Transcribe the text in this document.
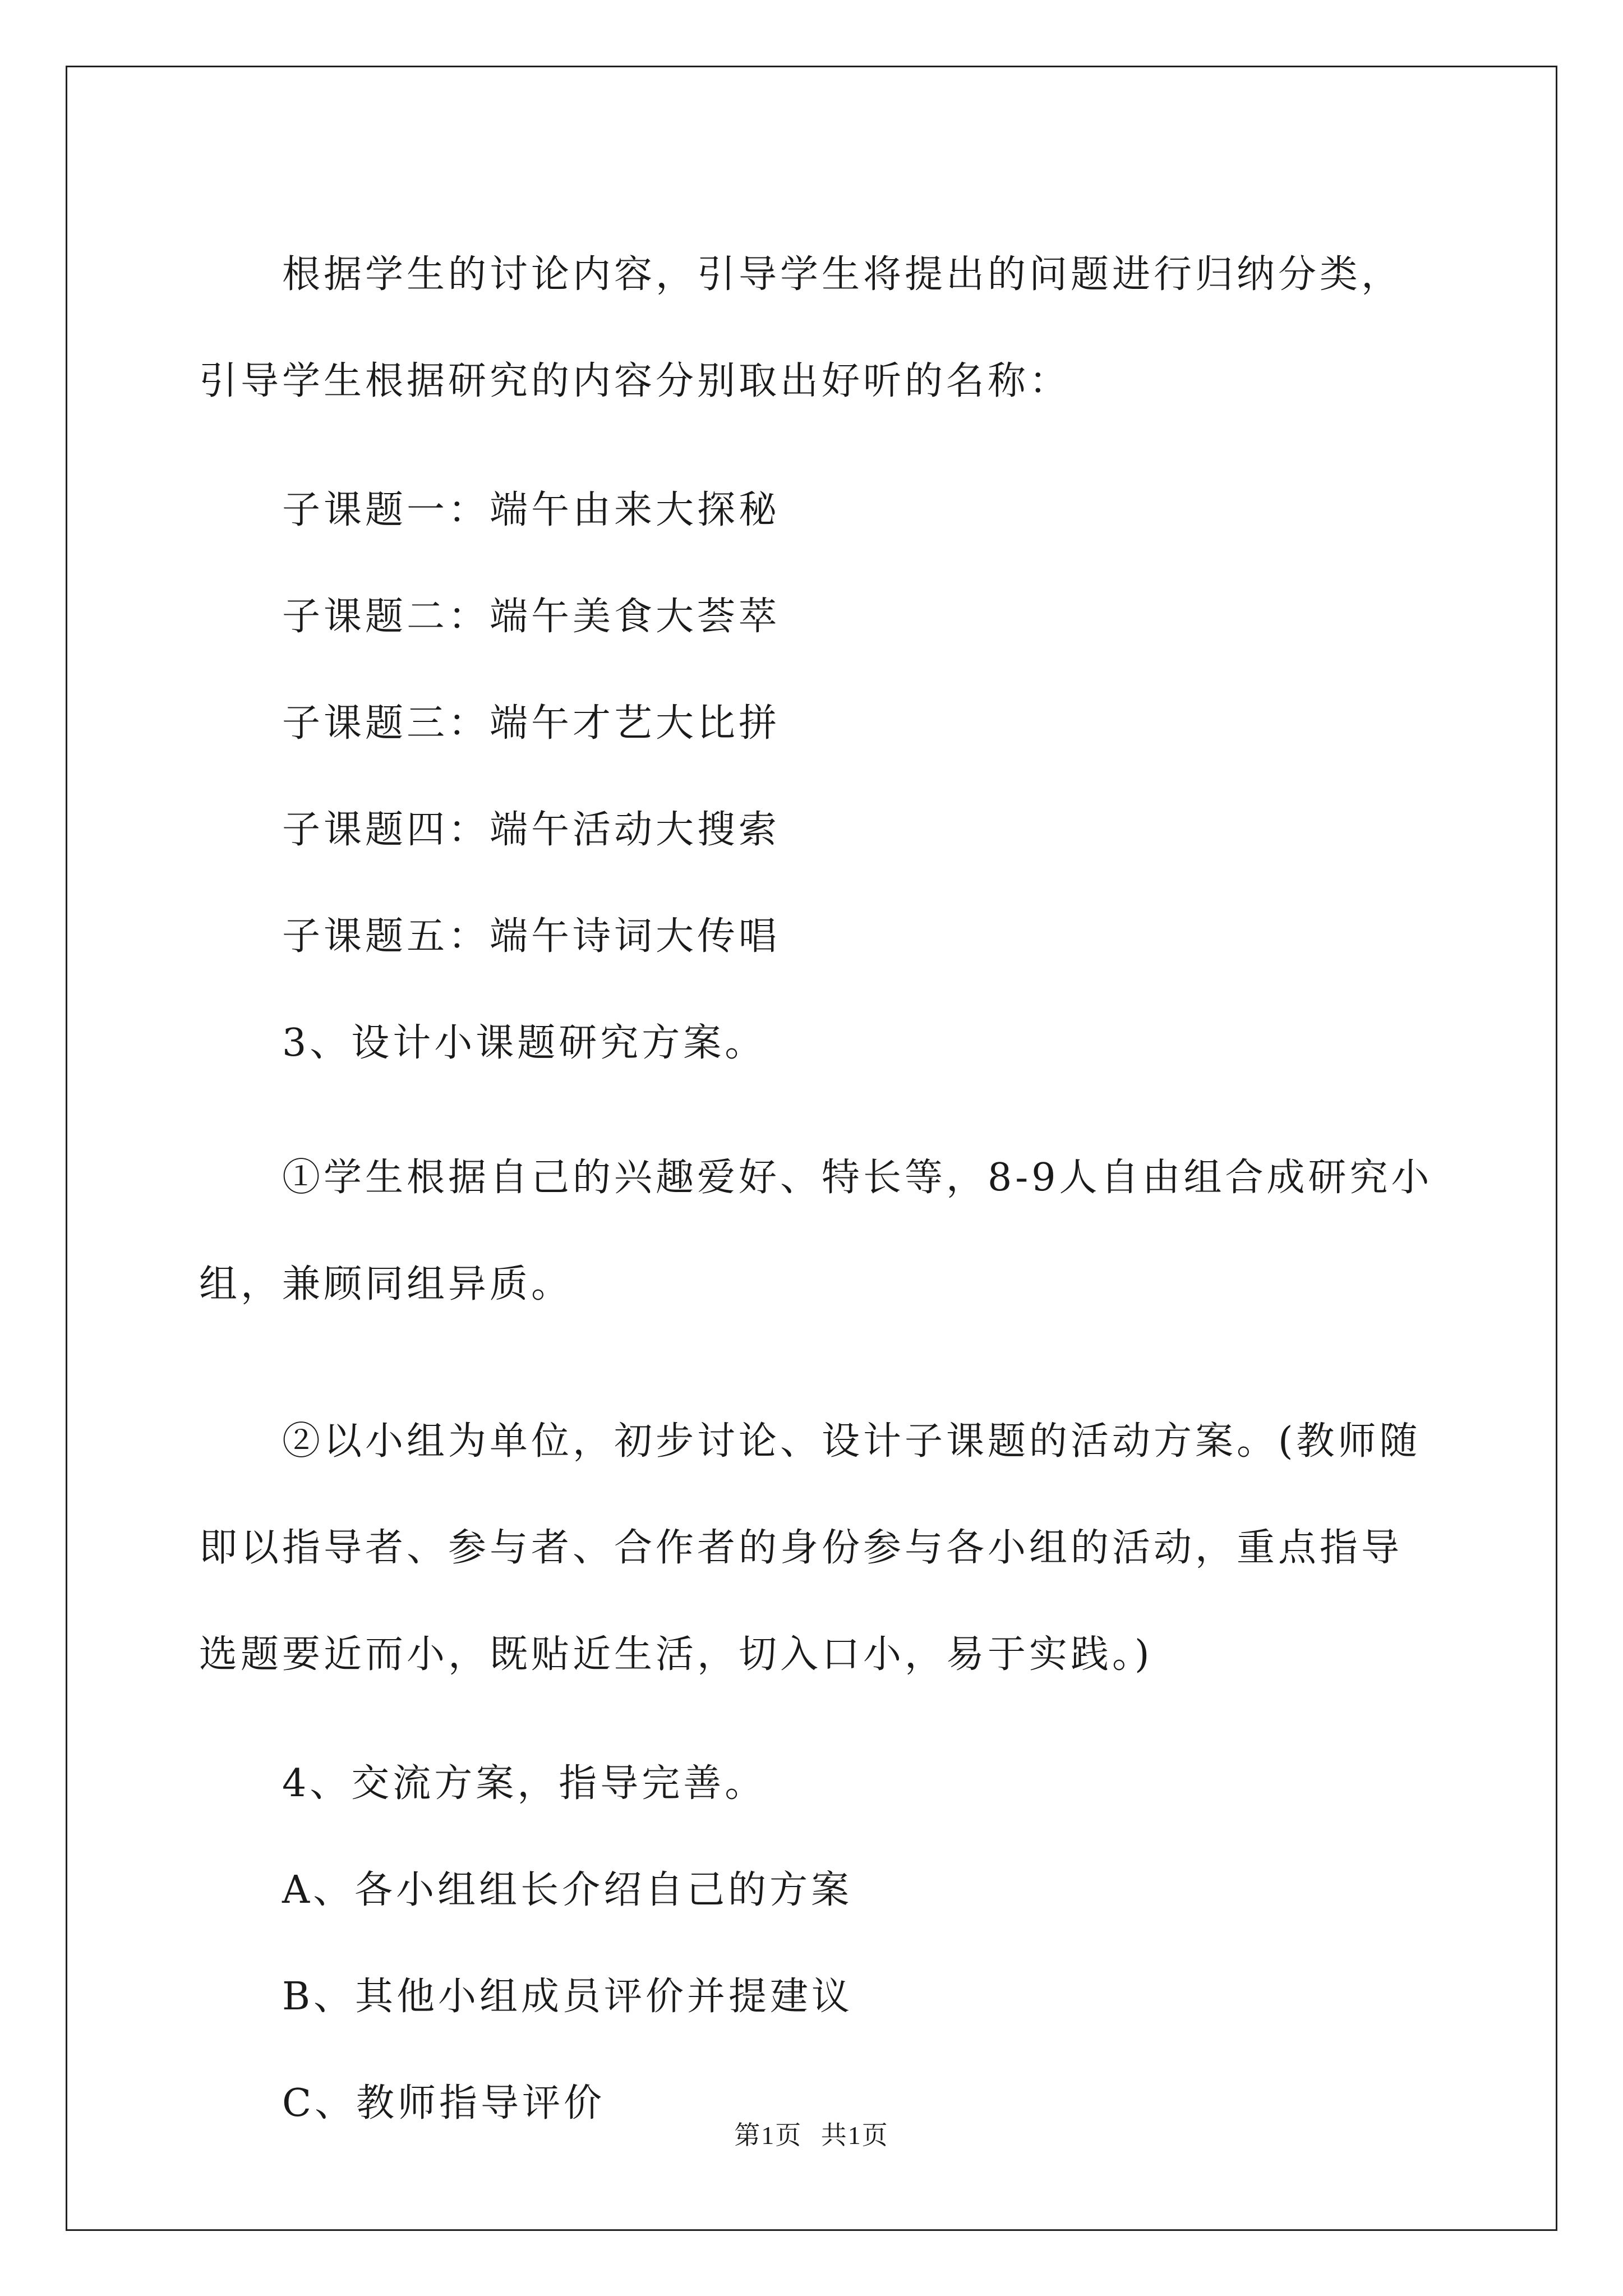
根据学生的讨论内容，引导学生将提出的问题进行归纳分类，引导学生根据研究的内容分别取出好听的名称：

子课题一：端午由来大探秘

子课题二：端午美食大荟萃

子课题三：端午才艺大比拼

子课题四：端午活动大搜索

子课题五：端午诗词大传唱

3、设计小课题研究方案。

①学生根据自己的兴趣爱好、特长等，8-9人自由组合成研究小组，兼顾同组异质。

②以小组为单位，初步讨论、设计子课题的活动方案。(教师随即以指导者、参与者、合作者的身份参与各小组的活动，重点指导选题要近而小，既贴近生活，切入口小，易于实践。)

4、交流方案，指导完善。

A、各小组组长介绍自己的方案

B、其他小组成员评价并提建议

C、教师指导评价

第1页 共1页
